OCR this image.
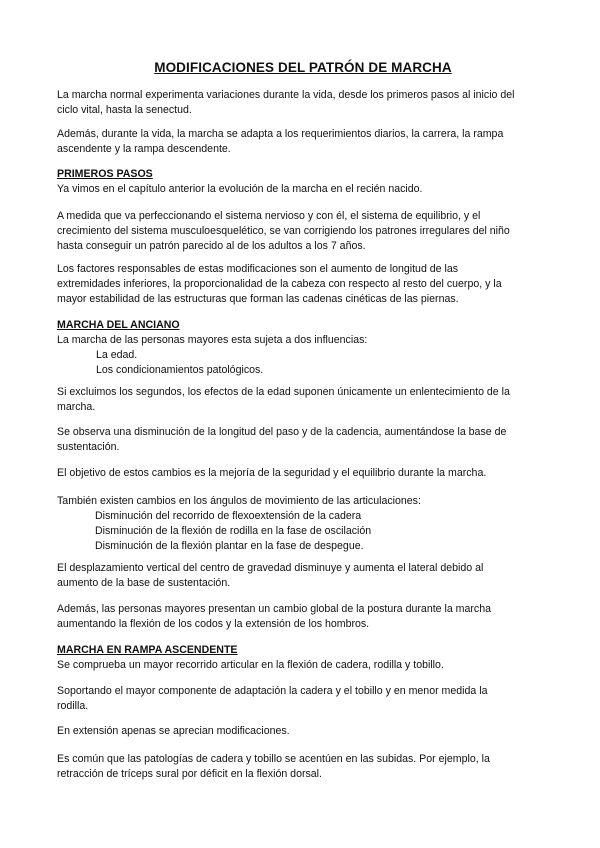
MODIFICACIONES DEL PATRÓN DE MARCHA
La marcha normal experimenta variaciones durante la vida, desde los primeros pasos al inicio del
ciclo vital, hasta la senectud.
Además, durante la vida, la marcha se adapta a los requerimientos diarios, la carrera, la rampa
ascendente y la rampa descendente.
PRIMEROS PASOS
Ya vimos en el capítulo anterior la evolución de la marcha en el recién nacido.
A medida que va perfeccionando el sistema nervioso y con él, el sistema de equilibrio, y el
crecimiento del sistema musculoesquelético, se van corrigiendo los patrones irregulares del niño
hasta conseguir un patrón parecido al de los adultos a los 7 años.
Los factores responsables de estas modificaciones son el aumento de longitud de las
extremidades inferiores, la proporcionalidad de la cabeza con respecto al resto del cuerpo, y la
mayor estabilidad de las estructuras que forman las cadenas cinéticas de las piernas.
MARCHA DEL ANCIANO
La marcha de las personas mayores esta sujeta a dos influencias:
La edad.
Los condicionamientos patológicos.
Si excluimos los segundos, los efectos de la edad suponen únicamente un enlentecimiento de la
marcha.
Se observa una disminución de la longitud del paso y de la cadencia, aumentándose la base de
sustentación.
El objetivo de estos cambios es la mejoría de la seguridad y el equilibrio durante la marcha.
También existen cambios en los ángulos de movimiento de las articulaciones:
Disminución del recorrido de flexoextensión de la cadera
Disminución de la flexión de rodilla en la fase de oscilación
Disminución de la flexión plantar en la fase de despegue.
El desplazamiento vertical del centro de gravedad disminuye y aumenta el lateral debido al
aumento de la base de sustentación.
Además, las personas mayores presentan un cambio global de la postura durante la marcha
aumentando la flexión de los codos y la extensión de los hombros.
MARCHA EN RAMPA ASCENDENTE
Se comprueba un mayor recorrido articular en la flexión de cadera, rodilla y tobillo.
Soportando el mayor componente de adaptación la cadera y el tobillo y en menor medida la
rodilla.
En extensión apenas se aprecian modificaciones.
Es común que las patologías de cadera y tobillo se acentúen en las subidas. Por ejemplo, la
retracción de tríceps sural por déficit en la flexión dorsal.
